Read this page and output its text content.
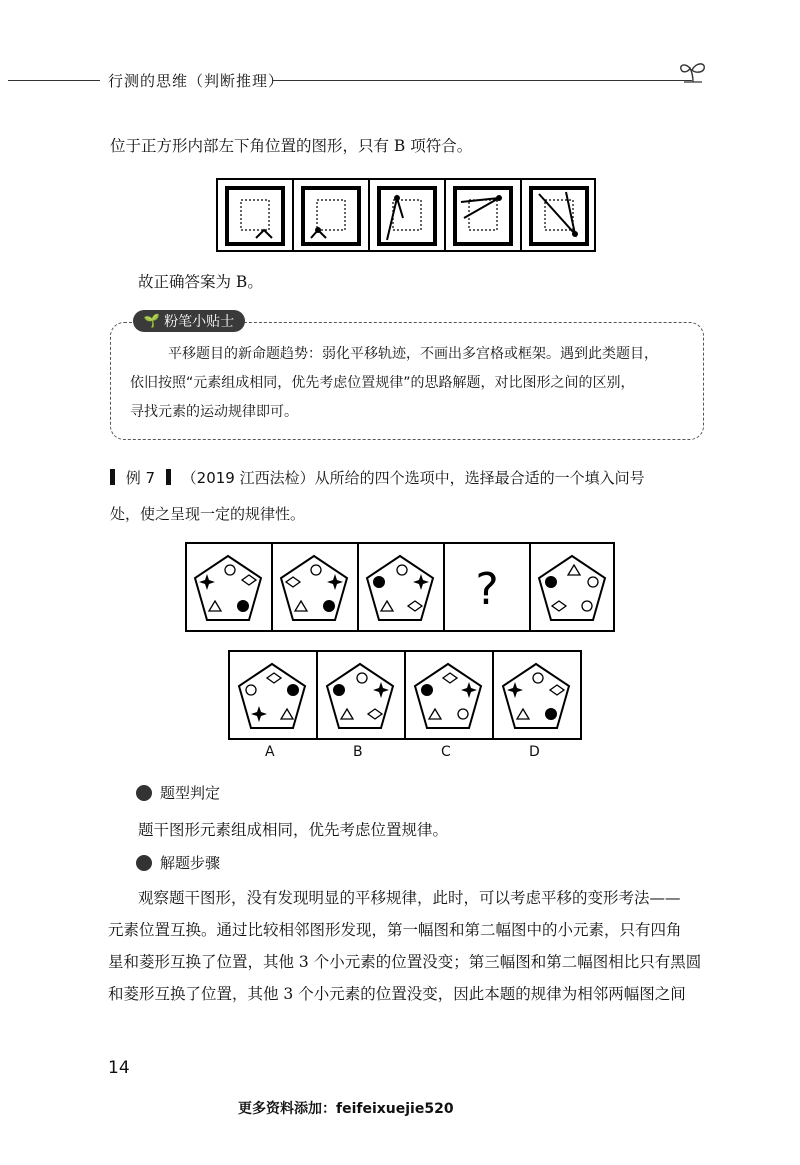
行测的思维（判断推理）
位于正方形内部左下角位置的图形，只有 B 项符合。
故正确答案为 B。
🌱 粉笔小贴士
平移题目的新命题趋势：弱化平移轨迹，不画出多宫格或框架。遇到此类题目，
依旧按照“元素组成相同，优先考虑位置规律”的思路解题，对比图形之间的区别，
寻找元素的运动规律即可。
例 7 （2019 江西法检）从所给的四个选项中，选择最合适的一个填入问号
处，使之呈现一定的规律性。
?
A	B	C	D
题型判定
题干图形元素组成相同，优先考虑位置规律。
解题步骤
观察题干图形，没有发现明显的平移规律，此时，可以考虑平移的变形考法——
元素位置互换。通过比较相邻图形发现，第一幅图和第二幅图中的小元素，只有四角
星和菱形互换了位置，其他 3 个小元素的位置没变；第三幅图和第二幅图相比只有黑圆
和菱形互换了位置，其他 3 个小元素的位置没变，因此本题的规律为相邻两幅图之间
14
更多资料添加：feifeixuejie520
